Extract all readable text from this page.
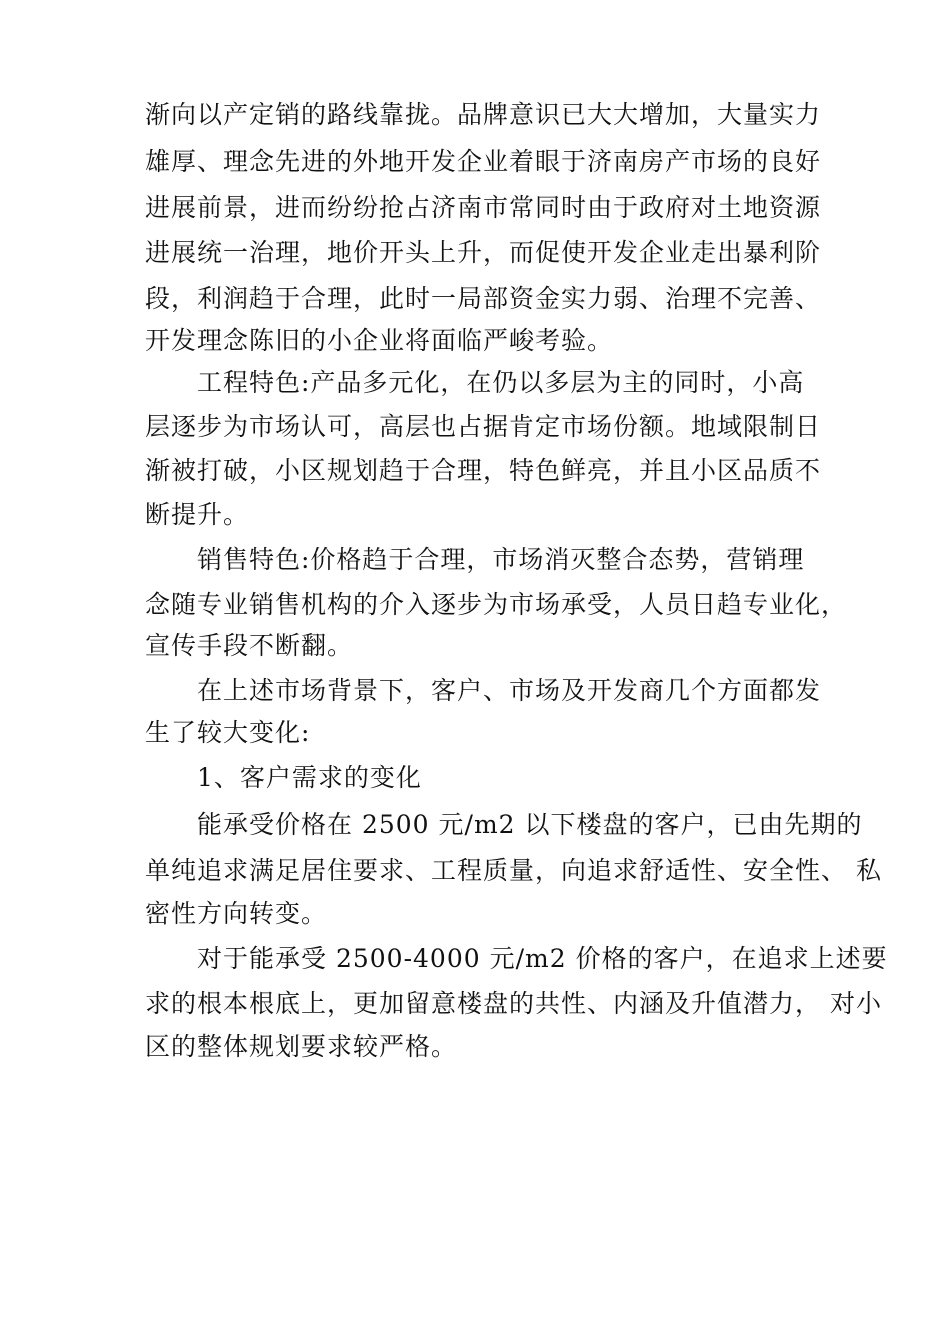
渐向以产定销的路线靠拢。品牌意识已大大增加，大量实力

雄厚、理念先进的外地开发企业着眼于济南房产市场的良好

进展前景，进而纷纷抢占济南市常同时由于政府对土地资源

进展统一治理，地价开头上升，而促使开发企业走出暴利阶

段，利润趋于合理，此时一局部资金实力弱、治理不完善、

开发理念陈旧的小企业将面临严峻考验。

工程特色:产品多元化，在仍以多层为主的同时，小高

层逐步为市场认可，高层也占据肯定市场份额。地域限制日

渐被打破，小区规划趋于合理，特色鲜亮，并且小区品质不

断提升。

销售特色:价格趋于合理，市场消灭整合态势，营销理

念随专业销售机构的介入逐步为市场承受，人员日趋专业化，

宣传手段不断翻。

在上述市场背景下，客户、市场及开发商几个方面都发

生了较大变化:

1、客户需求的变化

能承受价格在 2500 元/m2 以下楼盘的客户，已由先期的

单纯追求满足居住要求、工程质量，向追求舒适性、安全性、 私

密性方向转变。

对于能承受 2500-4000 元/m2 价格的客户，在追求上述要

求的根本根底上，更加留意楼盘的共性、内涵及升值潜力， 对小

区的整体规划要求较严格。
